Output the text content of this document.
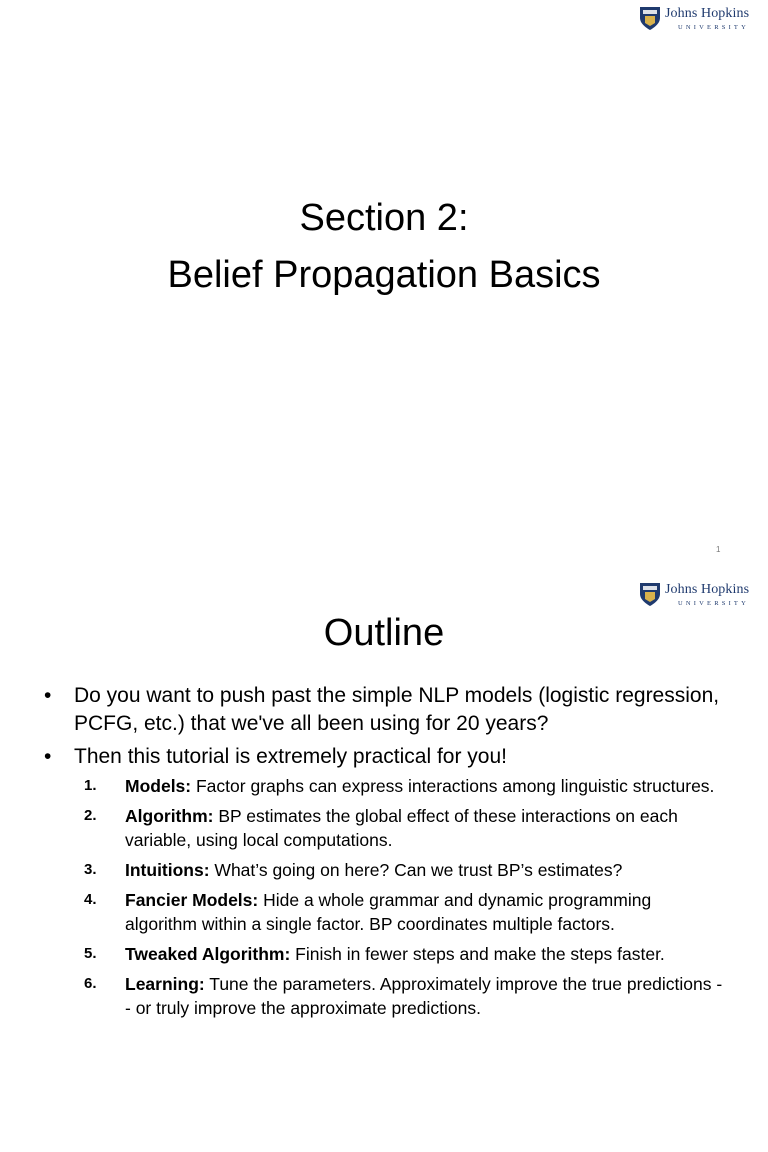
Johns Hopkins
UNIVERSITY
Section 2:
Belief Propagation Basics
1
Johns Hopkins
UNIVERSITY
Outline
• Do you want to push past the simple NLP models (logistic regression, PCFG, etc.) that we've all been using for 20 years?
• Then this tutorial is extremely practical for you!
1. Models: Factor graphs can express interactions among linguistic structures.
2. Algorithm: BP estimates the global effect of these interactions on each variable, using local computations.
3. Intuitions: What’s going on here? Can we trust BP’s estimates?
4. Fancier Models: Hide a whole grammar and dynamic programming algorithm within a single factor. BP coordinates multiple factors.
5. Tweaked Algorithm: Finish in fewer steps and make the steps faster.
6. Learning: Tune the parameters. Approximately improve the true predictions -- or truly improve the approximate predictions.
